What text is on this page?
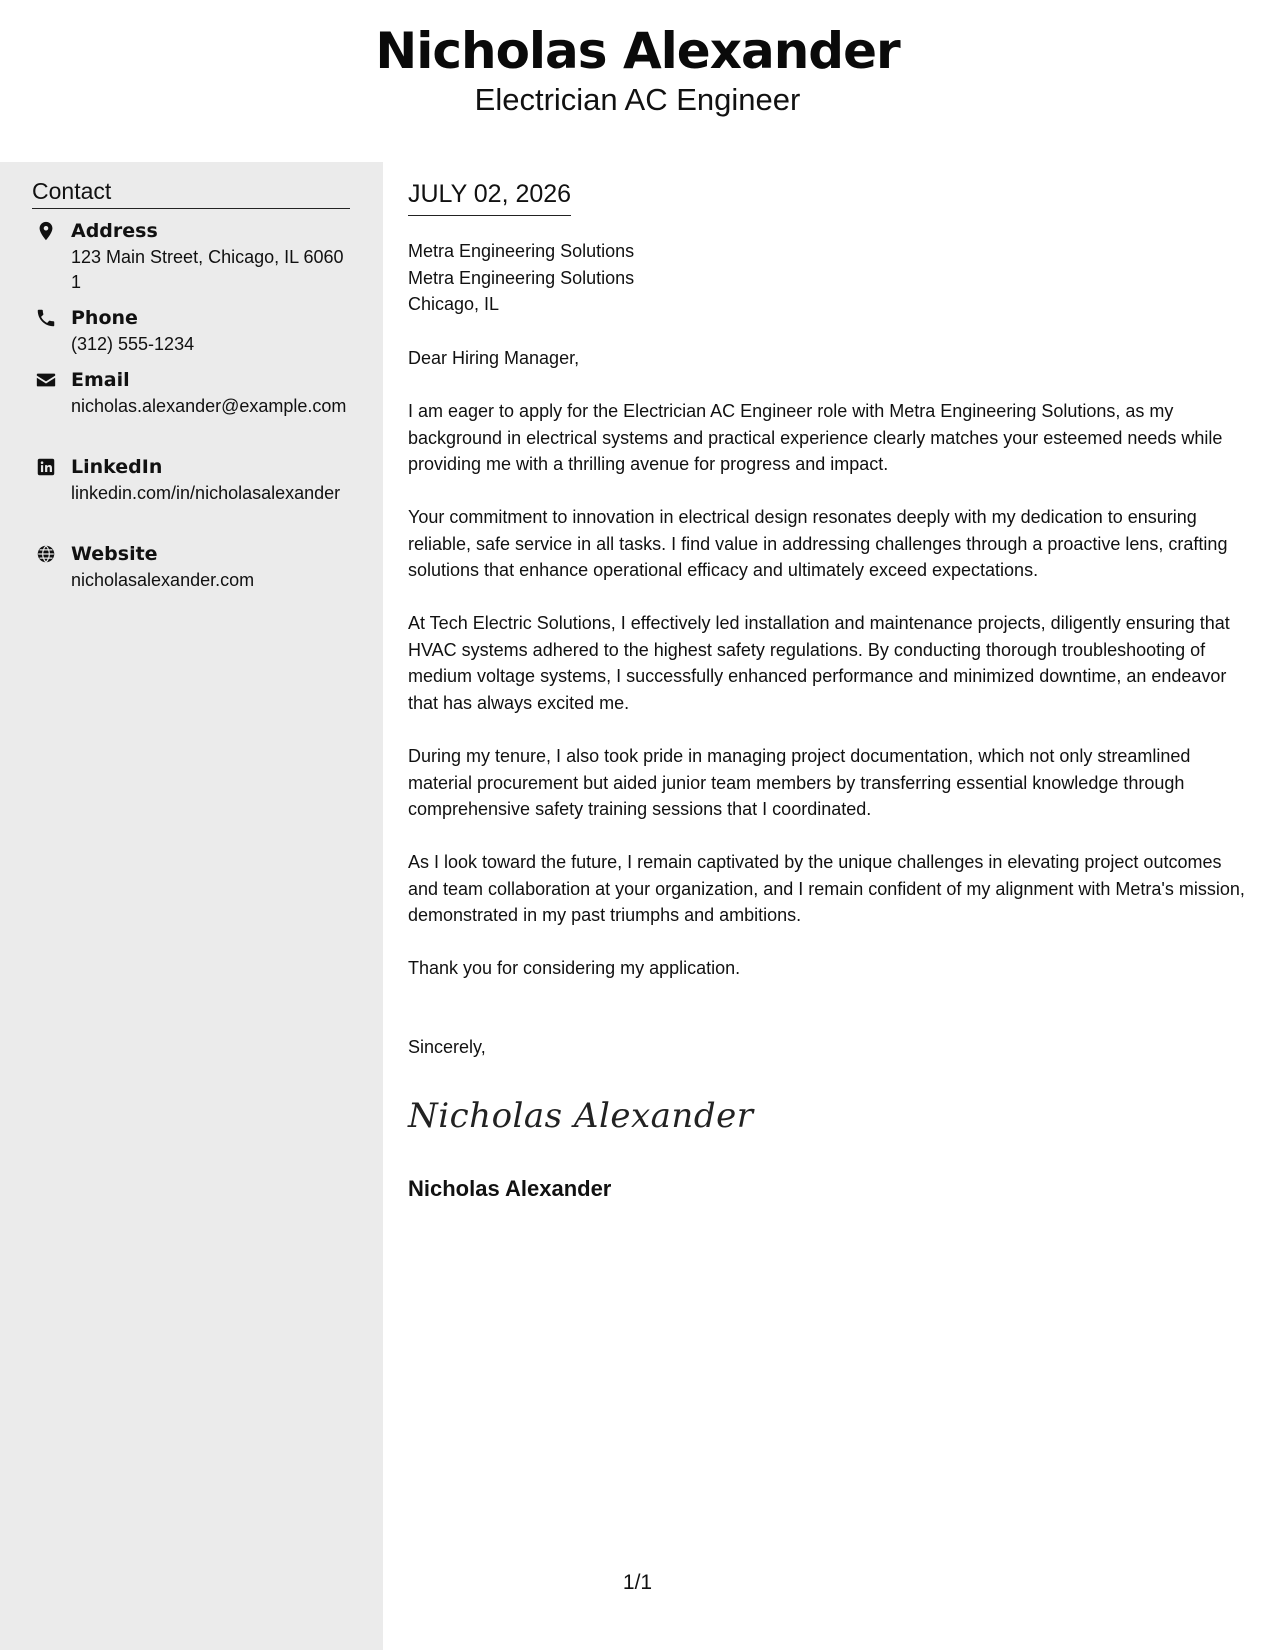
Nicholas Alexander
Electrician AC Engineer
Contact
Address
123 Main Street, Chicago, IL 60601
Phone
(312) 555-1234
Email
nicholas.alexander@example.com
LinkedIn
linkedin.com/in/nicholasalexander
Website
nicholasalexander.com
JULY 02, 2026
Metra Engineering Solutions
Metra Engineering Solutions
Chicago, IL

Dear Hiring Manager,

I am eager to apply for the Electrician AC Engineer role with Metra Engineering Solutions, as my background in electrical systems and practical experience clearly matches your esteemed needs while providing me with a thrilling avenue for progress and impact.

Your commitment to innovation in electrical design resonates deeply with my dedication to ensuring reliable, safe service in all tasks. I find value in addressing challenges through a proactive lens, crafting solutions that enhance operational efficacy and ultimately exceed expectations.

At Tech Electric Solutions, I effectively led installation and maintenance projects, diligently ensuring that HVAC systems adhered to the highest safety regulations. By conducting thorough troubleshooting of medium voltage systems, I successfully enhanced performance and minimized downtime, an endeavor that has always excited me.

During my tenure, I also took pride in managing project documentation, which not only streamlined material procurement but aided junior team members by transferring essential knowledge through comprehensive safety training sessions that I coordinated.

As I look toward the future, I remain captivated by the unique challenges in elevating project outcomes and team collaboration at your organization, and I remain confident of my alignment with Metra's mission, demonstrated in my past triumphs and ambitions.

Thank you for considering my application.

Sincerely,

Nicholas Alexander
Nicholas Alexander
1/1
